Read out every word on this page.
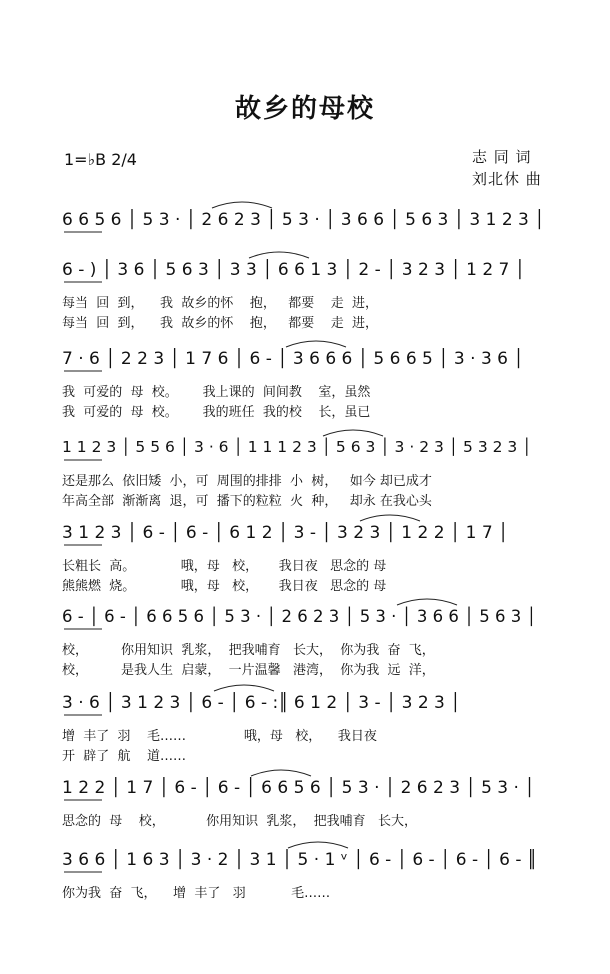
故乡的母校
1=♭B 2/4	志 同 词
刘北休 曲
6 6 5 6 │ 5 3 · │ 2 6 2 3 │ 5 3 · │ 3 6 6 │ 5 6 3 │ 3 1 2 3 │
6 - ) │ 3 6 │ 5 6 3 │ 3 3 │ 6 6 1 3 │ 2 - │ 3 2 3 │ 1 2 7 │
每当  回  到，    我  故乡的怀    抱，   都要    走  进，
每当  回  到，    我  故乡的怀    抱，   都要    走  进，
7 · 6 │ 2 2 3 │ 1 7 6 │ 6 - │ 3 6 6 6 │ 5 6 6 5 │ 3 · 3 6 │
我  可爱的  母  校。      我上课的  间间教    室，虽然
我  可爱的  母  校。      我的班任  我的校    长，虽已
1 1 2 3 │ 5 5 6 │ 3 · 6 │ 1 1 1 2 3 │ 5 6 3 │ 3 · 2 3 │ 5 3 2 3 │
还是那么  依旧矮  小，可  周围的排排  小  树，   如今 却已成才
年高全部  渐渐离  退，可  播下的粒粒  火  种，   却永 在我心头
3 1 2 3 │ 6 - │ 6 - │ 6 1 2 │ 3 - │ 3 2 3 │ 1 2 2 │ 1 7 │
长粗长  高。           哦，母   校，     我日夜   思念的 母
熊熊燃  烧。           哦，母   校，     我日夜   思念的 母
6 - │ 6 - │ 6 6 5 6 │ 5 3 · │ 2 6 2 3 │ 5 3 · │ 3 6 6 │ 5 6 3 │
校，        你用知识  乳浆，  把我哺育   长大，  你为我  奋  飞，
校，        是我人生  启蒙，  一片温馨   港湾，  你为我  远  洋，
3 · 6 │ 3 1 2 3 │ 6 - │ 6 - :║ 6 1 2 │ 3 - │ 3 2 3 │
增  丰了  羽    毛……              哦，母   校，    我日夜
开  辟了  航    道……
1 2 2 │ 1 7 │ 6 - │ 6 - │ 6 6 5 6 │ 5 3 · │ 2 6 2 3 │ 5 3 · │
思念的  母    校，          你用知识  乳浆，  把我哺育   长大，
3 6 6 │ 1 6 3 │ 3 · 2 │ 3 1 │ 5 · 1 ᵛ │ 6 - │ 6 - │ 6 - │ 6 - ║
你为我  奋  飞，    增  丰了   羽           毛……
